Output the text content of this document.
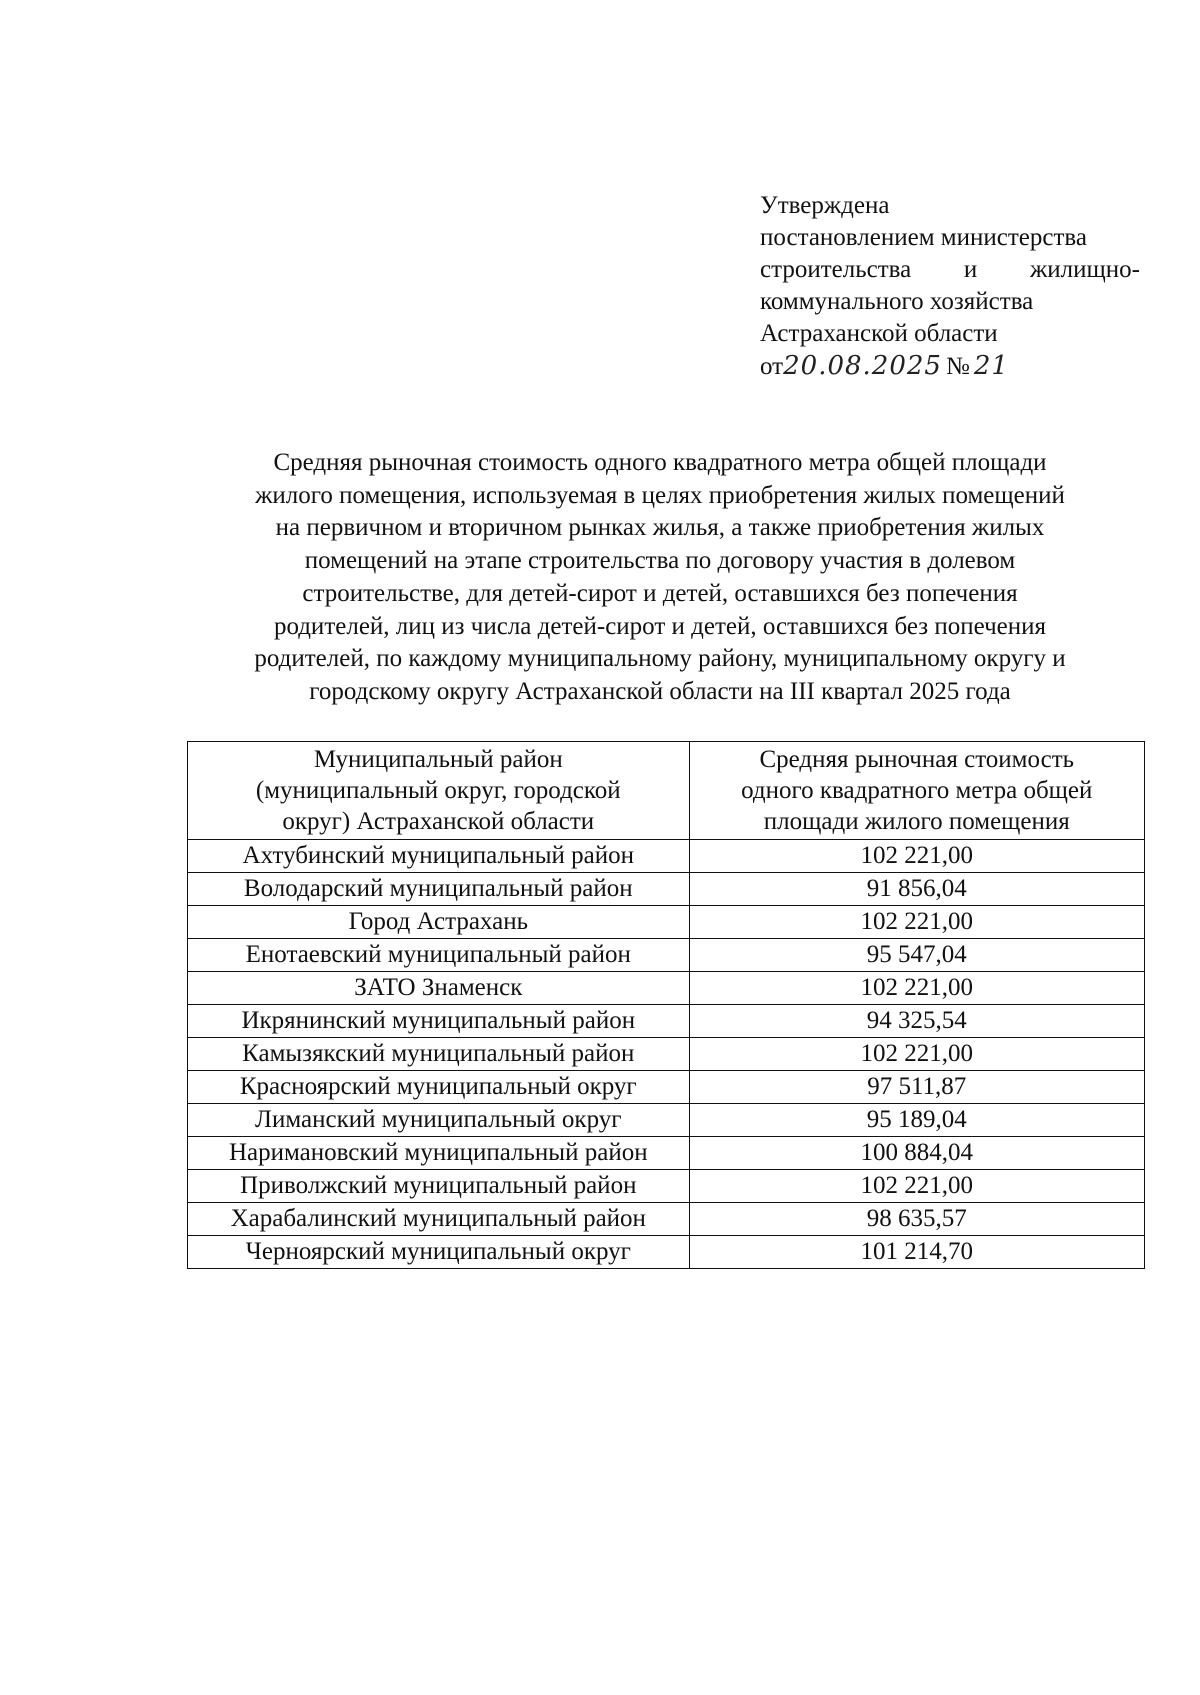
Утверждена
постановлением министерства
строительства и жилищно-
коммунального хозяйства
Астраханской области
от 20.08.2025 № 21
Средняя рыночная стоимость одного квадратного метра общей площади
жилого помещения, используемая в целях приобретения жилых помещений
на первичном и вторичном рынках жилья, а также приобретения жилых
помещений на этапе строительства по договору участия в долевом
строительстве, для детей-сирот и детей, оставшихся без попечения
родителей, лиц из числа детей-сирот и детей, оставшихся без попечения
родителей, по каждому муниципальному району, муниципальному округу и
городскому округу Астраханской области на III квартал 2025 года
Муниципальный район
(муниципальный округ, городской
округ) Астраханской области	Средняя рыночная стоимость
одного квадратного метра общей
площади жилого помещения

Ахтубинский муниципальный район	102 221,00
Володарский муниципальный район	91 856,04
Город Астрахань	102 221,00
Енотаевский муниципальный район	95 547,04
ЗАТО Знаменск	102 221,00
Икрянинский муниципальный район	94 325,54
Камызякский муниципальный район	102 221,00
Красноярский муниципальный округ	97 511,87
Лиманский муниципальный округ	95 189,04
Наримановский муниципальный район	100 884,04
Приволжский муниципальный район	102 221,00
Харабалинский муниципальный район	98 635,57
Черноярский муниципальный округ	101 214,70
